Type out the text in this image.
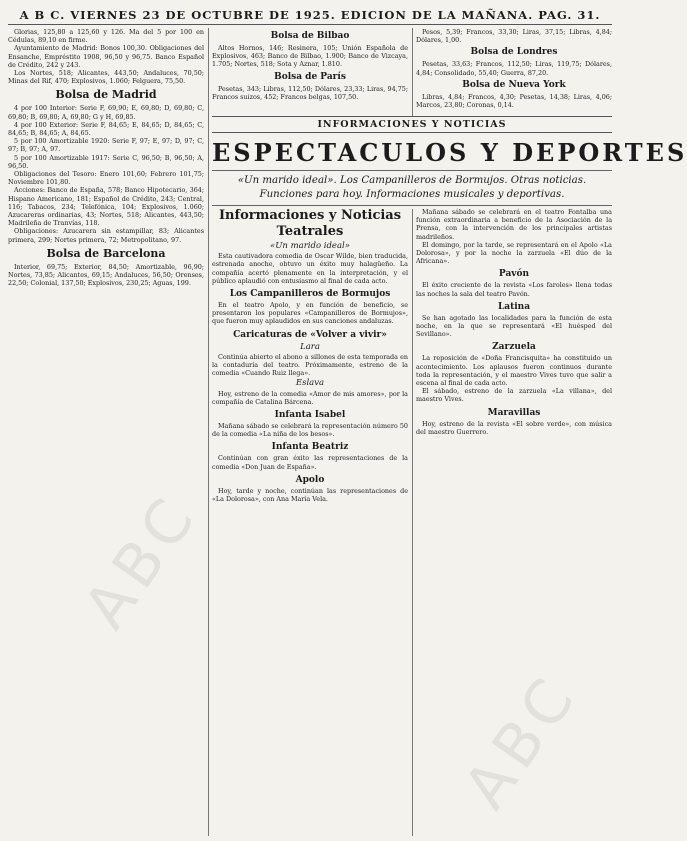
A B C. VIERNES 23 DE OCTUBRE DE 1925. EDICION DE LA MAÑANA. PAG. 31.

Glorias, 125,80 a 125,60 y 126. Ma del 5 por 100 en Cédulas, 89,10 en firme.

Ayuntamiento de Madrid: Bonos 100,30. Obligaciones del Ensanche, Empréstito 1908, 96,50 y 96,75. Banco Español de Crédito, 242 y 243.

Los Nortes, 518; Alicantes, 443,50; Andaluces, 70,50; Minas del Rif, 470; Explosivos, 1.060; Felguera, 75,50.

Bolsa de Madrid

4 por 100 Interior: Serie F, 69,90; E, 69,80; D, 69,80; C, 69,80; B, 69,80; A, 69,80; G y H, 69,85.

4 por 100 Exterior: Serie F, 84,65; E, 84,65; D, 84,65; C, 84,65; B, 84,65; A, 84,65.

5 por 100 Amortizable 1920: Serie F, 97; E, 97; D, 97; C, 97; B, 97; A, 97.

5 por 100 Amortizable 1917: Serie C, 96,50; B, 96,50; A, 96,50.

Obligaciones del Tesoro: Enero 101,60; Febrero 101,75; Noviembre 101,80.

Acciones: Banco de España, 578; Banco Hipotecario, 364; Hispano Americano, 181; Español de Crédito, 243; Central, 116; Tabacos, 234; Telefónica, 104; Explosivos, 1.060; Azucareras ordinarias, 43; Nortes, 518; Alicantes, 443,50; Madrileña de Tranvías, 118.

Obligaciones: Azucarera sin estampillar, 83; Alicantes primera, 299; Nortes primera, 72; Metropolitano, 97.

Bolsa de Barcelona

Interior, 69,75; Exterior, 84,50; Amortizable, 96,90; Nortes, 73,85; Alicantes, 69,15; Andaluces, 56,50; Orenses, 22,50; Colonial, 137,50; Explosivos, 230,25; Aguas, 199.

Bolsa de Bilbao

Altos Hornos, 146; Resinera, 105; Unión Española de Explosivos, 463; Banco de Bilbao, 1.900; Banco de Vizcaya, 1.705; Nortes, 518; Sota y Aznar, 1.810.

Bolsa de París

Pesetas, 343; Libras, 112,50; Dólares, 23,33; Liras, 94,75; Francos suizos, 452; Francos belgas, 107,50.

Pesos, 5,39; Francos, 33,30; Liras, 37,15; Libras, 4,84; Dólares, 1,00.

Bolsa de Londres

Pesetas, 33,63; Francos, 112,50; Liras, 119,75; Dólares, 4,84; Consolidado, 55,40; Guerra, 87,20.

Bolsa de Nueva York

Libras, 4,84; Francos, 4,30; Pesetas, 14,38; Liras, 4,06; Marcos, 23,80; Coronas, 0,14.

INFORMACIONES Y NOTICIAS
ESPECTACULOS Y DEPORTES
«Un marido ideal». Los Campanilleros de Bormujos. Otras noticias. Funciones para hoy. Informaciones musicales y deportivas.
Informaciones y Noticias Teatrales
«Un marido ideal»

Esta cautivadora comedia de Oscar Wilde, bien traducida, estrenada anoche, obtuvo un éxito muy halagüeño. La compañía acertó plenamente en la interpretación, y el público aplaudió con entusiasmo al final de cada acto.

Los Campanilleros de Bormujos

En el teatro Apolo, y en función de beneficio, se presentaron los populares «Campanilleros de Bormujos», que fueron muy aplaudidos en sus canciones andaluzas.

Caricaturas de «Volver a vivir»
Lara

Continúa abierto el abono a sillones de esta temporada en la contaduría del teatro. Próximamente, estreno de la comedia «Cuando Ruiz llega».

Eslava

Hoy, estreno de la comedia «Amor de mis amores», por la compañía de Catalina Bárcena.

Infanta Isabel

Mañana sábado se celebrará la representación número 50 de la comedia «La niña de los besos».

Infanta Beatriz

Continúan con gran éxito las representaciones de la comedia «Don Juan de España».

Apolo

Hoy, tarde y noche, continúan las representaciones de «La Dolorosa», con Ana María Vela.

Mañana sábado se celebrará en el teatro Fontalba una función extraordinaria a beneficio de la Asociación de la Prensa, con la intervención de los principales artistas madrileños.

El domingo, por la tarde, se representará en el Apolo «La Dolorosa», y por la noche la zarzuela «El dúo de la Africana».

Pavón

El éxito creciente de la revista «Los faroles» llena todas las noches la sala del teatro Pavón.

Latina

Se han agotado las localidades para la función de esta noche, en la que se representará «El huésped del Sevillano».

Zarzuela

La reposición de «Doña Francisquita» ha constituido un acontecimiento. Los aplausos fueron continuos durante toda la representación, y el maestro Vives tuvo que salir a escena al final de cada acto.

El sábado, estreno de la zarzuela «La villana», del maestro Vives.

Maravillas

Hoy, estreno de la revista «El sobre verde», con música del maestro Guerrero.

ABC
ABC
